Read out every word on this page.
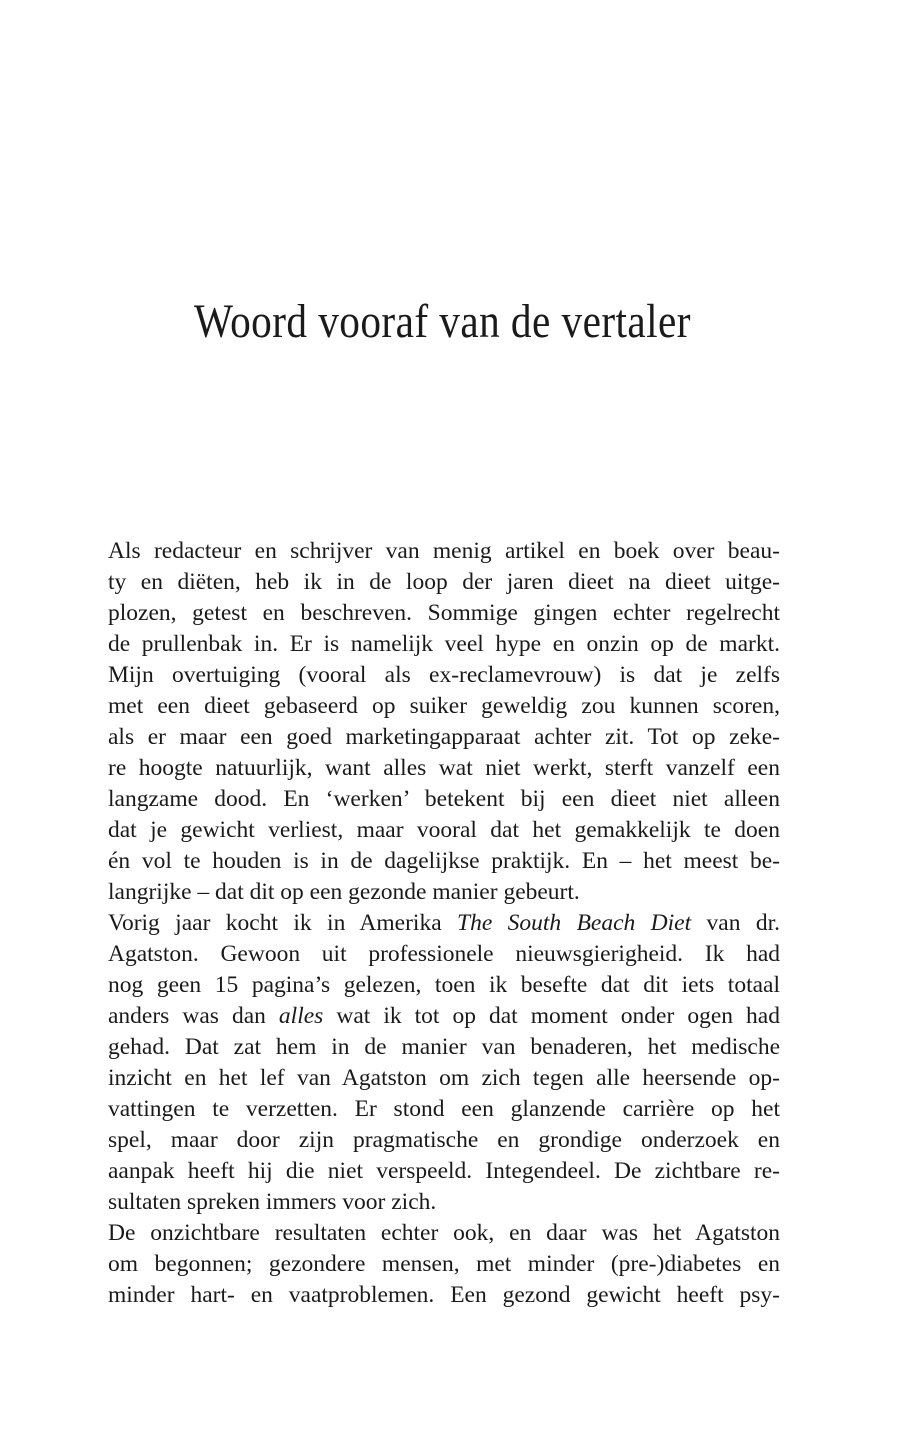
Woord vooraf van de vertaler
Als redacteur en schrijver van menig artikel en boek over beau-
ty en diëten, heb ik in de loop der jaren dieet na dieet uitge-
plozen, getest en beschreven. Sommige gingen echter regelrecht
de prullenbak in. Er is namelijk veel hype en onzin op de markt.
Mijn overtuiging (vooral als ex-reclamevrouw) is dat je zelfs
met een dieet gebaseerd op suiker geweldig zou kunnen scoren,
als er maar een goed marketingapparaat achter zit. Tot op zeke-
re hoogte natuurlijk, want alles wat niet werkt, sterft vanzelf een
langzame dood. En ‘werken’ betekent bij een dieet niet alleen
dat je gewicht verliest, maar vooral dat het gemakkelijk te doen
én vol te houden is in de dagelijkse praktijk. En – het meest be-
langrijke – dat dit op een gezonde manier gebeurt.
Vorig jaar kocht ik in Amerika The South Beach Diet van dr.
Agatston. Gewoon uit professionele nieuwsgierigheid. Ik had
nog geen 15 pagina’s gelezen, toen ik besefte dat dit iets totaal
anders was dan alles wat ik tot op dat moment onder ogen had
gehad. Dat zat hem in de manier van benaderen, het medische
inzicht en het lef van Agatston om zich tegen alle heersende op-
vattingen te verzetten. Er stond een glanzende carrière op het
spel, maar door zijn pragmatische en grondige onderzoek en
aanpak heeft hij die niet verspeeld. Integendeel. De zichtbare re-
sultaten spreken immers voor zich.
De onzichtbare resultaten echter ook, en daar was het Agatston
om begonnen; gezondere mensen, met minder (pre-)diabetes en
minder hart- en vaatproblemen. Een gezond gewicht heeft psy-
